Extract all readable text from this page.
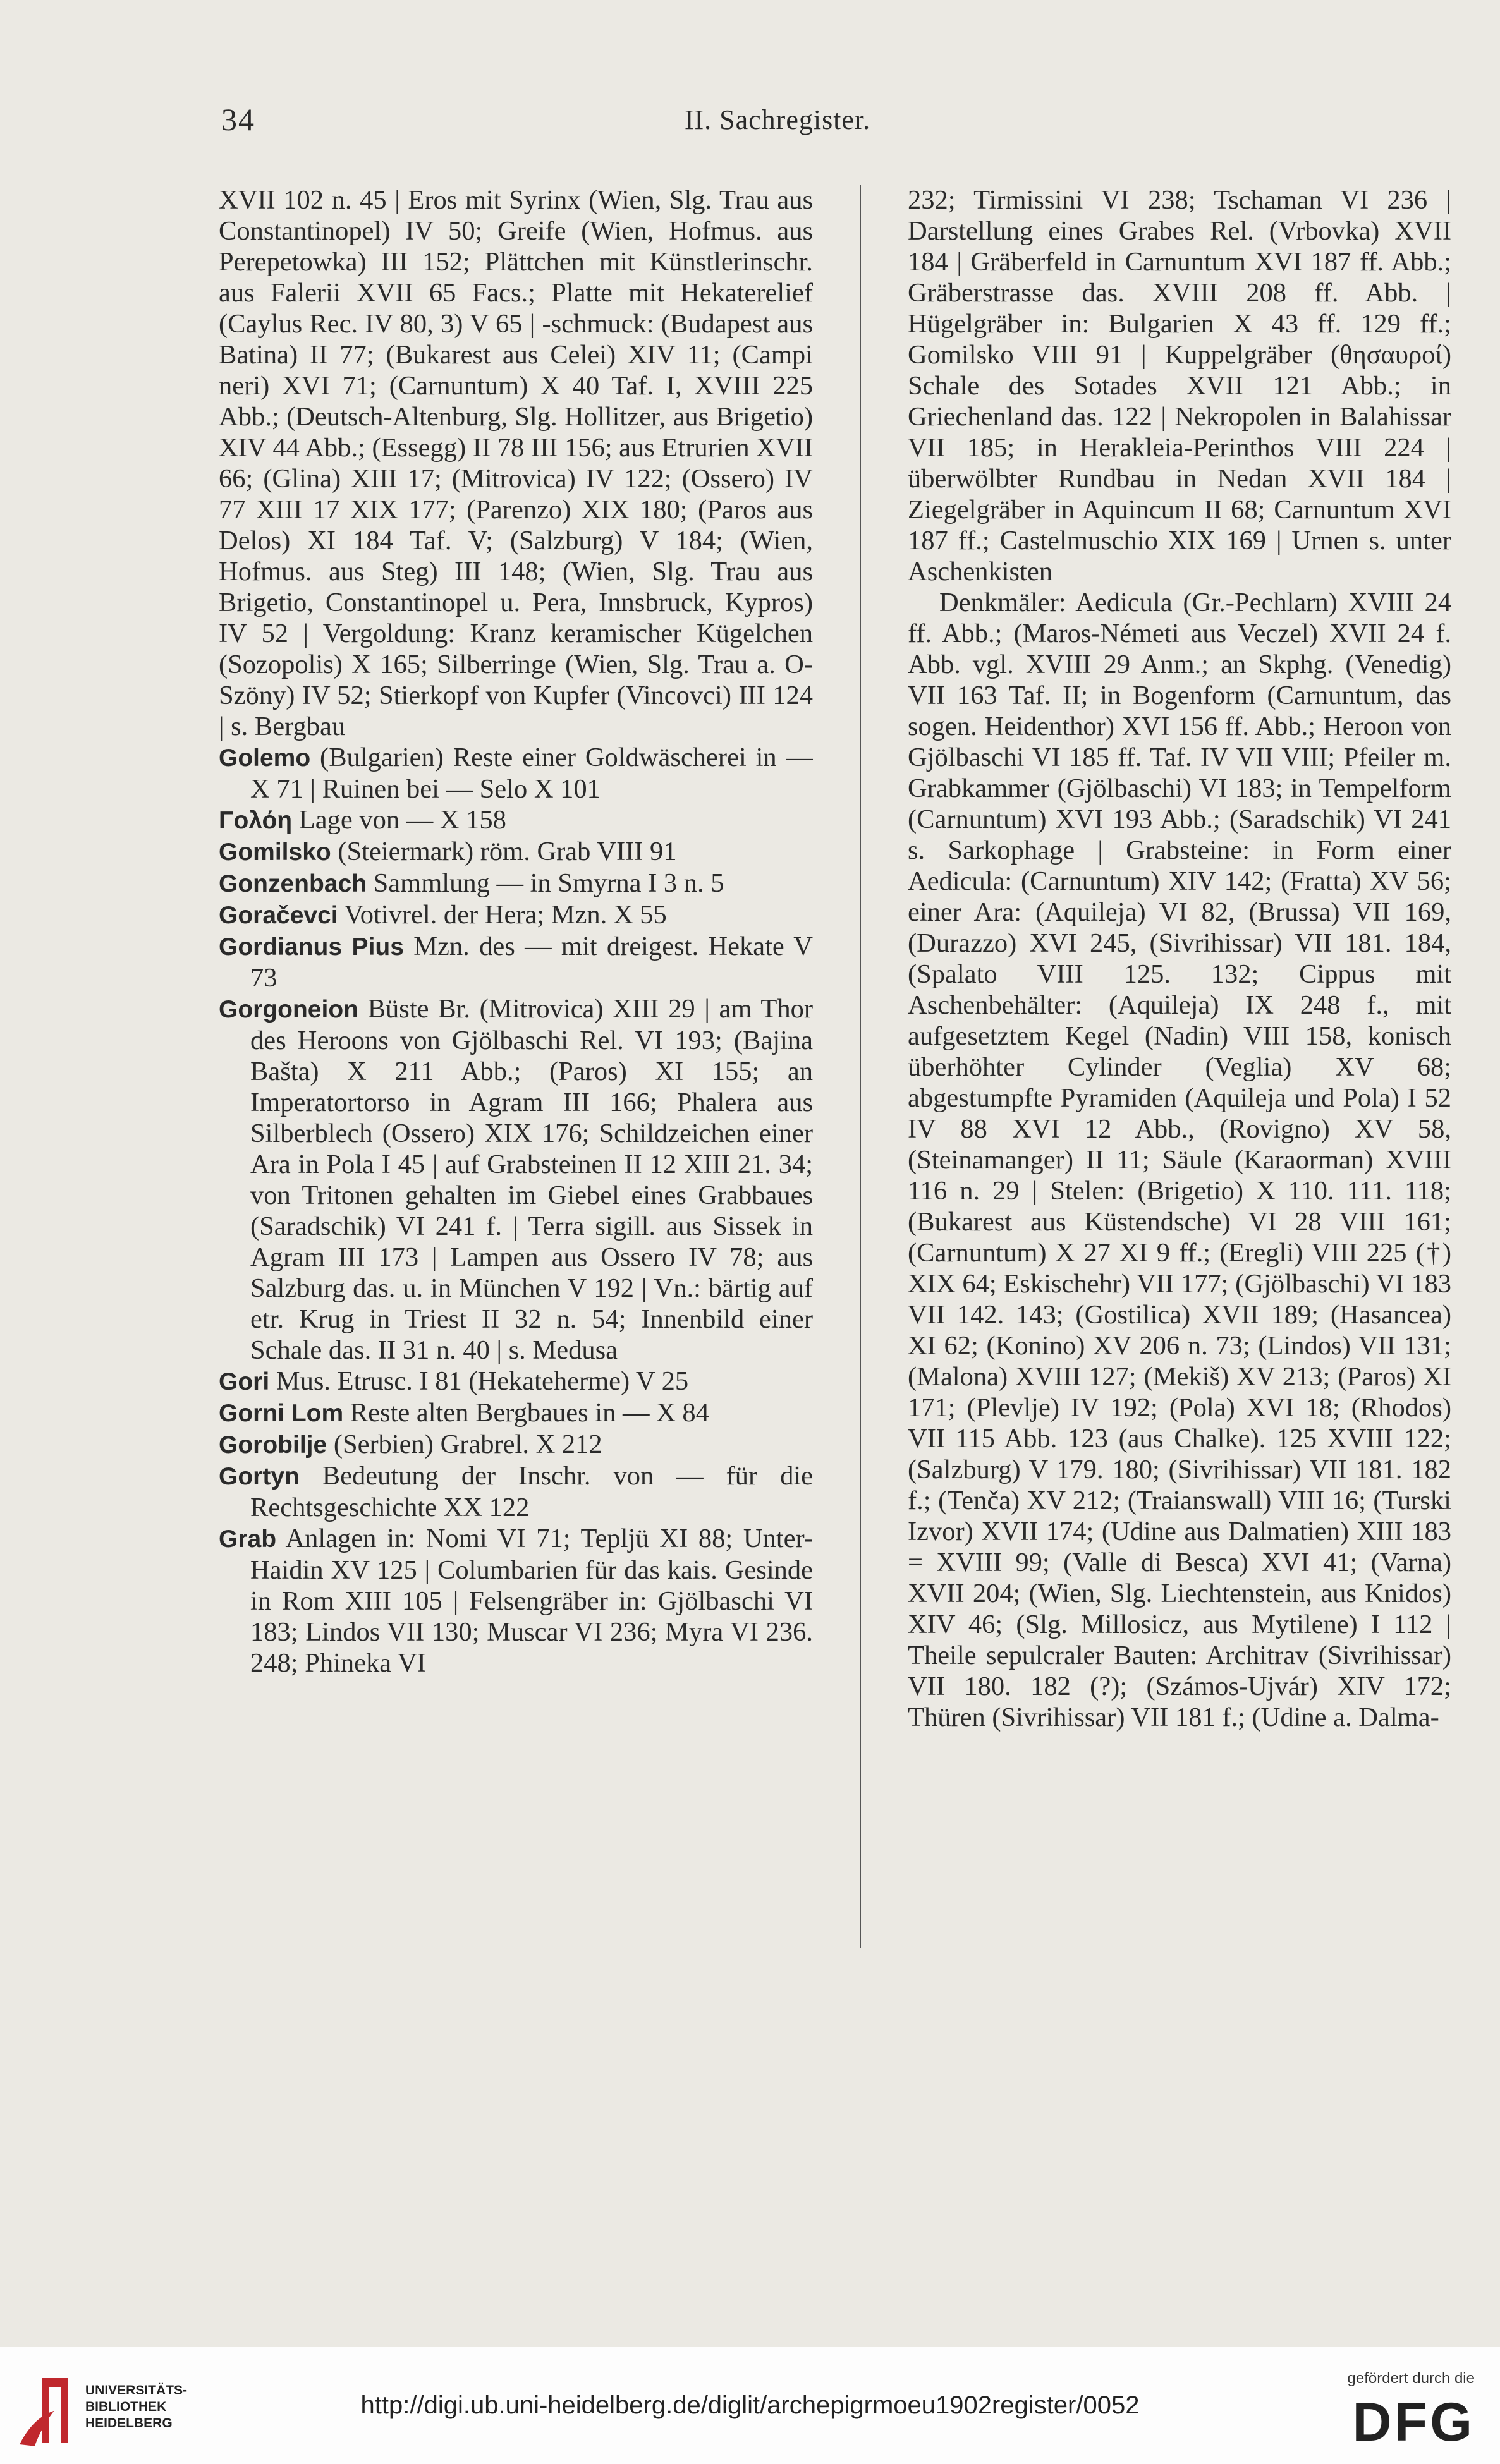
34	II. Sachregister.

XVII 102 n. 45 | Eros mit Syrinx (Wien, Slg. Trau aus Constantinopel) IV 50; Greife (Wien, Hofmus. aus Perepetowka) III 152; Plättchen mit Künstlerinschr. aus Falerii XVII 65 Facs.; Platte mit Hekaterelief (Caylus Rec. IV 80, 3) V 65 | -schmuck: (Budapest aus Batina) II 77; (Bukarest aus Celei) XIV 11; (Campi neri) XVI 71; (Carnuntum) X 40 Taf. I, XVIII 225 Abb.; (Deutsch-Altenburg, Slg. Hollitzer, aus Brigetio) XIV 44 Abb.; (Essegg) II 78 III 156; aus Etrurien XVII 66; (Glina) XIII 17; (Mitrovica) IV 122; (Ossero) IV 77 XIII 17 XIX 177; (Parenzo) XIX 180; (Paros aus Delos) XI 184 Taf. V; (Salzburg) V 184; (Wien, Hofmus. aus Steg) III 148; (Wien, Slg. Trau aus Brigetio, Constantinopel u. Pera, Innsbruck, Kypros) IV 52 | Vergoldung: Kranz keramischer Kügelchen (Sozopolis) X 165; Silberringe (Wien, Slg. Trau a. O-Szöny) IV 52; Stierkopf von Kupfer (Vincovci) III 124 | s. Bergbau

Golemo (Bulgarien) Reste einer Goldwäscherei in — X 71 | Ruinen bei — Selo X 101

Γολόη Lage von — X 158

Gomilsko (Steiermark) röm. Grab VIII 91

Gonzenbach Sammlung — in Smyrna I 3 n. 5

Goračevci Votivrel. der Hera; Mzn. X 55

Gordianus Pius Mzn. des — mit dreigest. Hekate V 73

Gorgoneion Büste Br. (Mitrovica) XIII 29 | am Thor des Heroons von Gjölbaschi Rel. VI 193; (Bajina Bašta) X 211 Abb.; (Paros) XI 155; an Imperatortorso in Agram III 166; Phalera aus Silberblech (Ossero) XIX 176; Schildzeichen einer Ara in Pola I 45 | auf Grabsteinen II 12 XIII 21. 34; von Tritonen gehalten im Giebel eines Grabbaues (Saradschik) VI 241 f. | Terra sigill. aus Sissek in Agram III 173 | Lampen aus Ossero IV 78; aus Salzburg das. u. in München V 192 | Vn.: bärtig auf etr. Krug in Triest II 32 n. 54; Innenbild einer Schale das. II 31 n. 40 | s. Medusa

Gori Mus. Etrusc. I 81 (Hekateherme) V 25

Gorni Lom Reste alten Bergbaues in — X 84

Gorobilje (Serbien) Grabrel. X 212

Gortyn Bedeutung der Inschr. von — für die Rechtsgeschichte XX 122

Grab Anlagen in: Nomi VI 71; Tepljü XI 88; Unter-Haidin XV 125 | Columbarien für das kais. Gesinde in Rom XIII 105 | Felsengräber in: Gjölbaschi VI 183; Lindos VII 130; Muscar VI 236; Myra VI 236. 248; Phineka VI

232; Tirmissini VI 238; Tschaman VI 236 | Darstellung eines Grabes Rel. (Vrbovka) XVII 184 | Gräberfeld in Carnuntum XVI 187 ff. Abb.; Gräberstrasse das. XVIII 208 ff. Abb. | Hügelgräber in: Bulgarien X 43 ff. 129 ff.; Gomilsko VIII 91 | Kuppelgräber (θησαυροί) Schale des Sotades XVII 121 Abb.; in Griechenland das. 122 | Nekropolen in Balahissar VII 185; in Herakleia-Perinthos VIII 224 | überwölbter Rundbau in Nedan XVII 184 | Ziegelgräber in Aquincum II 68; Carnuntum XVI 187 ff.; Castelmuschio XIX 169 | Urnen s. unter Aschenkisten

Denkmäler: Aedicula (Gr.-Pechlarn) XVIII 24 ff. Abb.; (Maros-Németi aus Veczel) XVII 24 f. Abb. vgl. XVIII 29 Anm.; an Skphg. (Venedig) VII 163 Taf. II; in Bogenform (Carnuntum, das sogen. Heidenthor) XVI 156 ff. Abb.; Heroon von Gjölbaschi VI 185 ff. Taf. IV VII VIII; Pfeiler m. Grabkammer (Gjölbaschi) VI 183; in Tempelform (Carnuntum) XVI 193 Abb.; (Saradschik) VI 241 s. Sarkophage | Grabsteine: in Form einer Aedicula: (Carnuntum) XIV 142; (Fratta) XV 56; einer Ara: (Aquileja) VI 82, (Brussa) VII 169, (Durazzo) XVI 245, (Sivrihissar) VII 181. 184, (Spalato VIII 125. 132; Cippus mit Aschenbehälter: (Aquileja) IX 248 f., mit aufgesetztem Kegel (Nadin) VIII 158, konisch überhöhter Cylinder (Veglia) XV 68; abgestumpfte Pyramiden (Aquileja und Pola) I 52 IV 88 XVI 12 Abb., (Rovigno) XV 58, (Steinamanger) II 11; Säule (Karaorman) XVIII 116 n. 29 | Stelen: (Brigetio) X 110. 111. 118; (Bukarest aus Küstendsche) VI 28 VIII 161; (Carnuntum) X 27 XI 9 ff.; (Eregli) VIII 225 (†) XIX 64; Eskischehr) VII 177; (Gjölbaschi) VI 183 VII 142. 143; (Gostilica) XVII 189; (Hasancea) XI 62; (Konino) XV 206 n. 73; (Lindos) VII 131; (Malona) XVIII 127; (Mekiš) XV 213; (Paros) XI 171; (Plevlje) IV 192; (Pola) XVI 18; (Rhodos) VII 115 Abb. 123 (aus Chalke). 125 XVIII 122; (Salzburg) V 179. 180; (Sivrihissar) VII 181. 182 f.; (Tenča) XV 212; (Traianswall) VIII 16; (Turski Izvor) XVII 174; (Udine aus Dalmatien) XIII 183 = XVIII 99; (Valle di Besca) XVI 41; (Varna) XVII 204; (Wien, Slg. Liechtenstein, aus Knidos) XIV 46; (Slg. Millosicz, aus Mytilene) I 112 | Theile sepulcraler Bauten: Architrav (Sivrihissar) VII 180. 182 (?); (Számos-Ujvár) XIV 172; Thüren (Sivrihissar) VII 181 f.; (Udine a. Dalma-

UNIVERSITÄTS-
BIBLIOTHEK
HEIDELBERG
http://digi.ub.uni-heidelberg.de/diglit/archepigrmoeu1902register/0052
gefördert durch die
DFG
